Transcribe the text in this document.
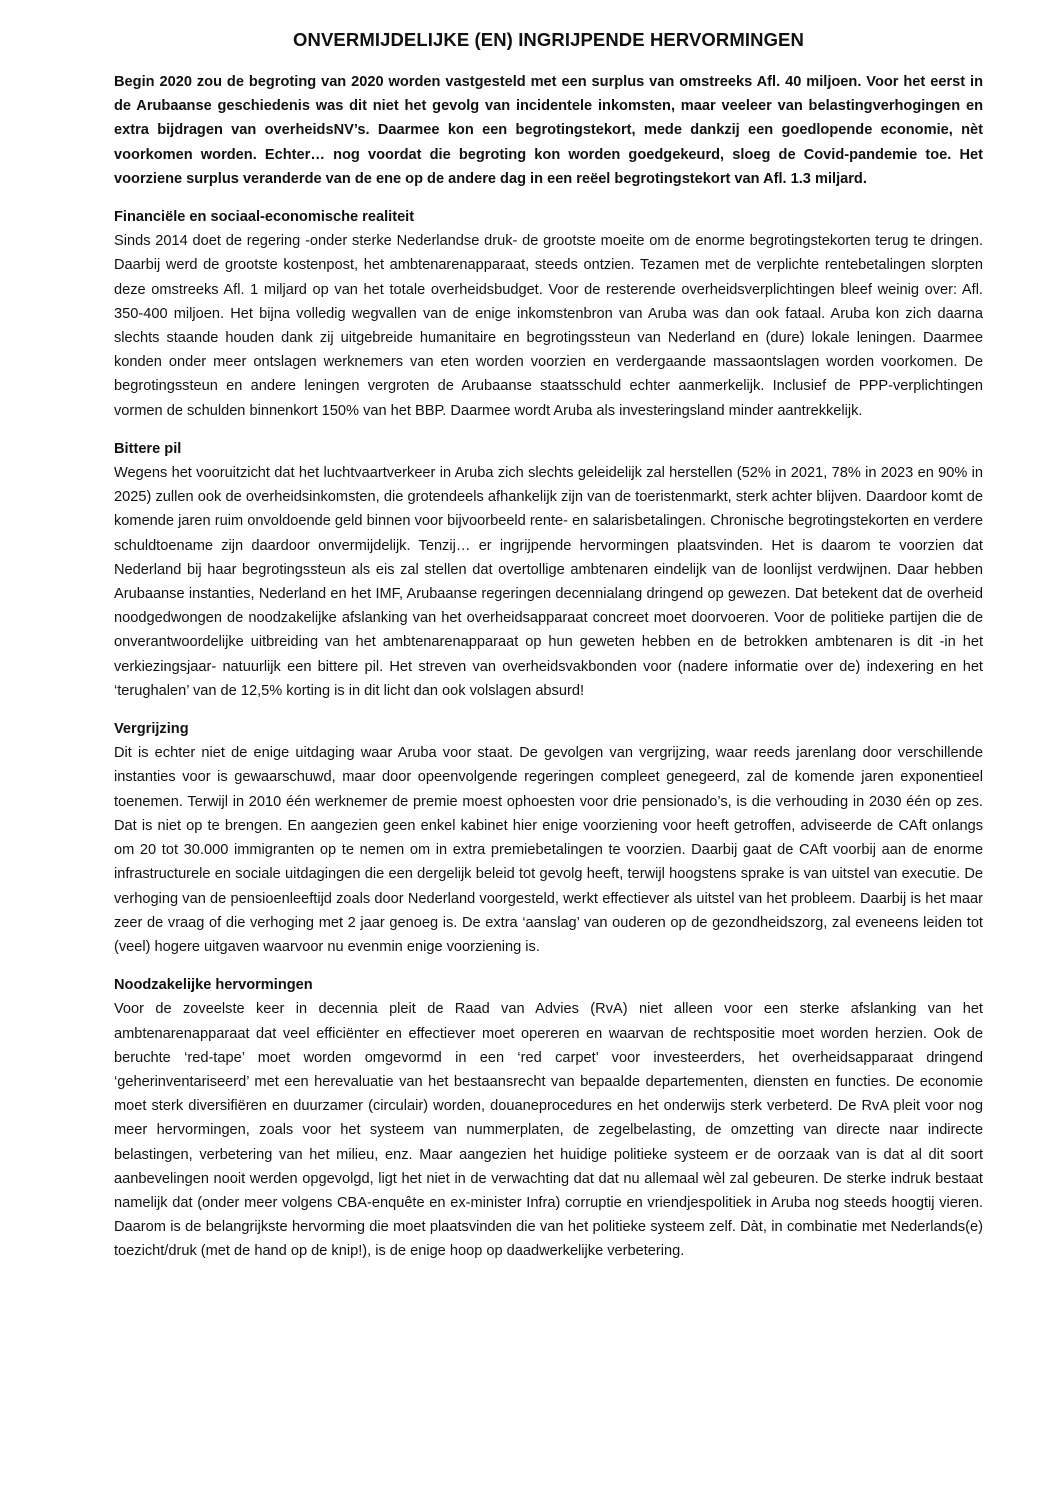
ONVERMIJDELIJKE (EN) INGRIJPENDE HERVORMINGEN

Begin 2020 zou de begroting van 2020 worden vastgesteld met een surplus van omstreeks Afl. 40 miljoen. Voor het eerst in de Arubaanse geschiedenis was dit niet het gevolg van incidentele inkomsten, maar veeleer van belastingverhogingen en extra bijdragen van overheidsNV’s. Daarmee kon een begrotingstekort, mede dankzij een goedlopende economie, nèt voorkomen worden. Echter… nog voordat die begroting kon worden goedgekeurd, sloeg de Covid-pandemie toe. Het voorziene surplus veranderde van de ene op de andere dag in een reëel begrotingstekort van Afl. 1.3 miljard.

Financiële en sociaal-economische realiteit

Sinds 2014 doet de regering -onder sterke Nederlandse druk- de grootste moeite om de enorme begrotingstekorten terug te dringen. Daarbij werd de grootste kostenpost, het ambtenarenapparaat, steeds ontzien. Tezamen met de verplichte rentebetalingen slorpten deze omstreeks Afl. 1 miljard op van het totale overheidsbudget. Voor de resterende overheidsverplichtingen bleef weinig over: Afl. 350-400 miljoen. Het bijna volledig wegvallen van de enige inkomstenbron van Aruba was dan ook fataal. Aruba kon zich daarna slechts staande houden dank zij uitgebreide humanitaire en begrotingssteun van Nederland en (dure) lokale leningen. Daarmee konden onder meer ontslagen werknemers van eten worden voorzien en verdergaande massaontslagen worden voorkomen. De begrotingssteun en andere leningen vergroten de Arubaanse staatsschuld echter aanmerkelijk. Inclusief de PPP-verplichtingen vormen de schulden binnenkort 150% van het BBP. Daarmee wordt Aruba als investeringsland minder aantrekkelijk.

Bittere pil

Wegens het vooruitzicht dat het luchtvaartverkeer in Aruba zich slechts geleidelijk zal herstellen (52% in 2021, 78% in 2023 en 90% in 2025) zullen ook de overheidsinkomsten, die grotendeels afhankelijk zijn van de toeristenmarkt, sterk achter blijven. Daardoor komt de komende jaren ruim onvoldoende geld binnen voor bijvoorbeeld rente- en salarisbetalingen. Chronische begrotingstekorten en verdere schuldtoename zijn daardoor onvermijdelijk. Tenzij… er ingrijpende hervormingen plaatsvinden. Het is daarom te voorzien dat Nederland bij haar begrotingssteun als eis zal stellen dat overtollige ambtenaren eindelijk van de loonlijst verdwijnen. Daar hebben Arubaanse instanties, Nederland en het IMF, Arubaanse regeringen decennialang dringend op gewezen. Dat betekent dat de overheid noodgedwongen de noodzakelijke afslanking van het overheidsapparaat concreet moet doorvoeren. Voor de politieke partijen die de onverantwoordelijke uitbreiding van het ambtenarenapparaat op hun geweten hebben en de betrokken ambtenaren is dit -in het verkiezingsjaar- natuurlijk een bittere pil. Het streven van overheidsvakbonden voor (nadere informatie over de) indexering en het ‘terughalen’ van de 12,5% korting is in dit licht dan ook volslagen absurd!

Vergrijzing

Dit is echter niet de enige uitdaging waar Aruba voor staat. De gevolgen van vergrijzing, waar reeds jarenlang door verschillende instanties voor is gewaarschuwd, maar door opeenvolgende regeringen compleet genegeerd, zal de komende jaren exponentieel toenemen. Terwijl in 2010 één werknemer de premie moest ophoesten voor drie pensionado’s, is die verhouding in 2030 één op zes. Dat is niet op te brengen. En aangezien geen enkel kabinet hier enige voorziening voor heeft getroffen, adviseerde de CAft onlangs om 20 tot 30.000 immigranten op te nemen om in extra premiebetalingen te voorzien. Daarbij gaat de CAft voorbij aan de enorme infrastructurele en sociale uitdagingen die een dergelijk beleid tot gevolg heeft, terwijl hoogstens sprake is van uitstel van executie. De verhoging van de pensioenleeftijd zoals door Nederland voorgesteld, werkt effectiever als uitstel van het probleem. Daarbij is het maar zeer de vraag of die verhoging met 2 jaar genoeg is. De extra ‘aanslag’ van ouderen op de gezondheidszorg, zal eveneens leiden tot (veel) hogere uitgaven waarvoor nu evenmin enige voorziening is.

Noodzakelijke hervormingen

Voor de zoveelste keer in decennia pleit de Raad van Advies (RvA) niet alleen voor een sterke afslanking van het ambtenarenapparaat dat veel efficiënter en effectiever moet opereren en waarvan de rechtspositie moet worden herzien. Ook de beruchte ‘red-tape’ moet worden omgevormd in een ‘red carpet’ voor investeerders, het overheidsapparaat dringend ‘geherinventariseerd’ met een herevaluatie van het bestaansrecht van bepaalde departementen, diensten en functies. De economie moet sterk diversifiëren en duurzamer (circulair) worden, douaneprocedures en het onderwijs sterk verbeterd. De RvA pleit voor nog meer hervormingen, zoals voor het systeem van nummerplaten, de zegelbelasting, de omzetting van directe naar indirecte belastingen, verbetering van het milieu, enz. Maar aangezien het huidige politieke systeem er de oorzaak van is dat al dit soort aanbevelingen nooit werden opgevolgd, ligt het niet in de verwachting dat dat nu allemaal wèl zal gebeuren. De sterke indruk bestaat namelijk dat (onder meer volgens CBA-enquête en ex-minister Infra) corruptie en vriendjespolitiek in Aruba nog steeds hoogtij vieren. Daarom is de belangrijkste hervorming die moet plaatsvinden die van het politieke systeem zelf. Dàt, in combinatie met Nederlands(e) toezicht/druk (met de hand op de knip!), is de enige hoop op daadwerkelijke verbetering.
